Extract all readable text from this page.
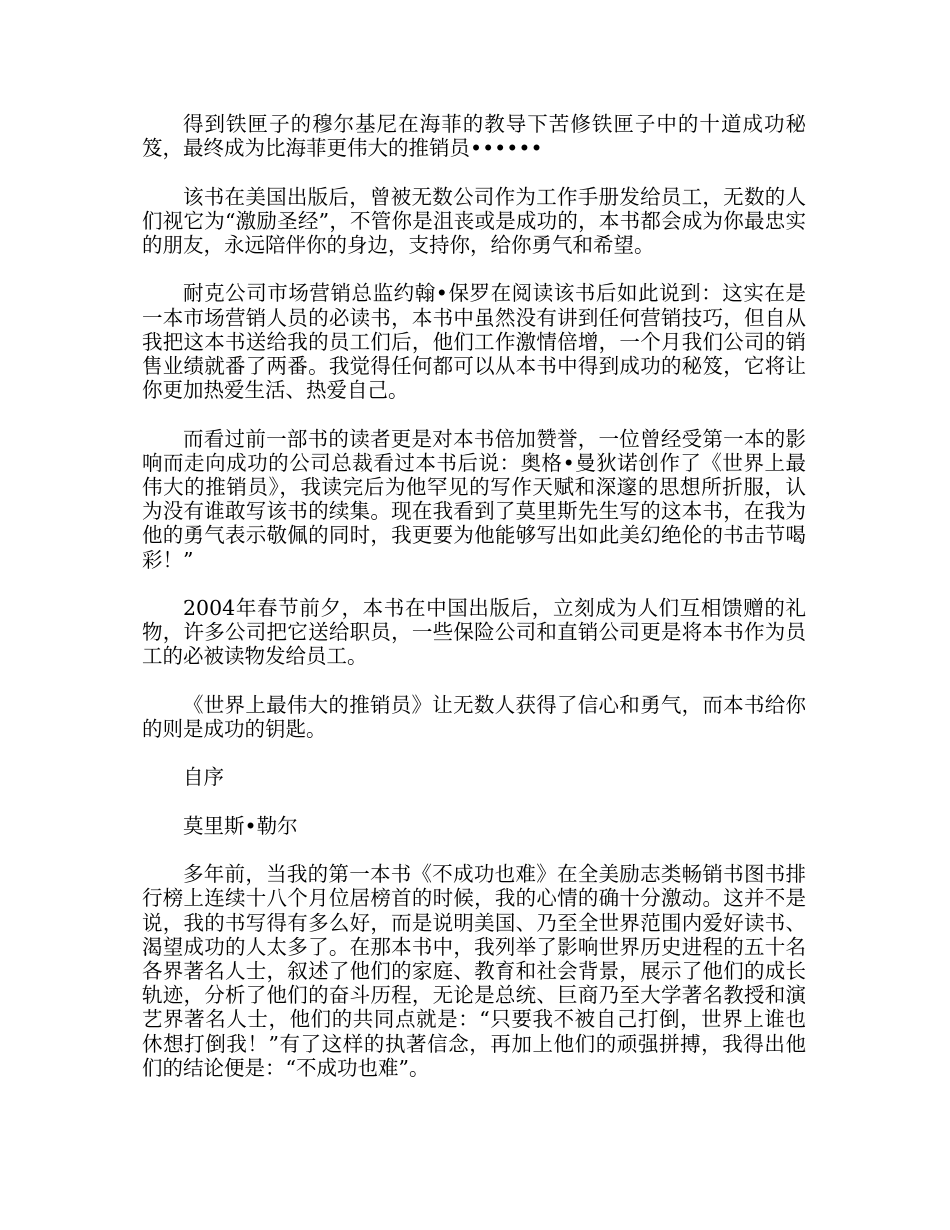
得到铁匣子的穆尔基尼在海菲的教导下苦修铁匣子中的十道成功秘笈，最终成为比海菲更伟大的推销员••••••

该书在美国出版后，曾被无数公司作为工作手册发给员工，无数的人们视它为“激励圣经”，不管你是沮丧或是成功的，本书都会成为你最忠实的朋友，永远陪伴你的身边，支持你，给你勇气和希望。

耐克公司市场营销总监约翰•保罗在阅读该书后如此说到：这实在是一本市场营销人员的必读书，本书中虽然没有讲到任何营销技巧，但自从我把这本书送给我的员工们后，他们工作激情倍增，一个月我们公司的销售业绩就番了两番。我觉得任何都可以从本书中得到成功的秘笈，它将让你更加热爱生活、热爱自己。

而看过前一部书的读者更是对本书倍加赞誉，一位曾经受第一本的影响而走向成功的公司总裁看过本书后说：奥格•曼狄诺创作了《世界上最伟大的推销员》，我读完后为他罕见的写作天赋和深邃的思想所折服，认为没有谁敢写该书的续集。现在我看到了莫里斯先生写的这本书，在我为他的勇气表示敬佩的同时，我更要为他能够写出如此美幻绝伦的书击节喝彩！”

2004年春节前夕，本书在中国出版后，立刻成为人们互相馈赠的礼物，许多公司把它送给职员，一些保险公司和直销公司更是将本书作为员工的必被读物发给员工。

《世界上最伟大的推销员》让无数人获得了信心和勇气，而本书给你的则是成功的钥匙。

自序

莫里斯•勒尔

多年前，当我的第一本书《不成功也难》在全美励志类畅销书图书排行榜上连续十八个月位居榜首的时候，我的心情的确十分激动。这并不是说，我的书写得有多么好，而是说明美国、乃至全世界范围内爱好读书、渴望成功的人太多了。在那本书中，我列举了影响世界历史进程的五十名各界著名人士，叙述了他们的家庭、教育和社会背景，展示了他们的成长轨迹，分析了他们的奋斗历程，无论是总统、巨商乃至大学著名教授和演艺界著名人士，他们的共同点就是：“只要我不被自己打倒，世界上谁也休想打倒我！”有了这样的执著信念，再加上他们的顽强拼搏，我得出他们的结论便是：“不成功也难”。
